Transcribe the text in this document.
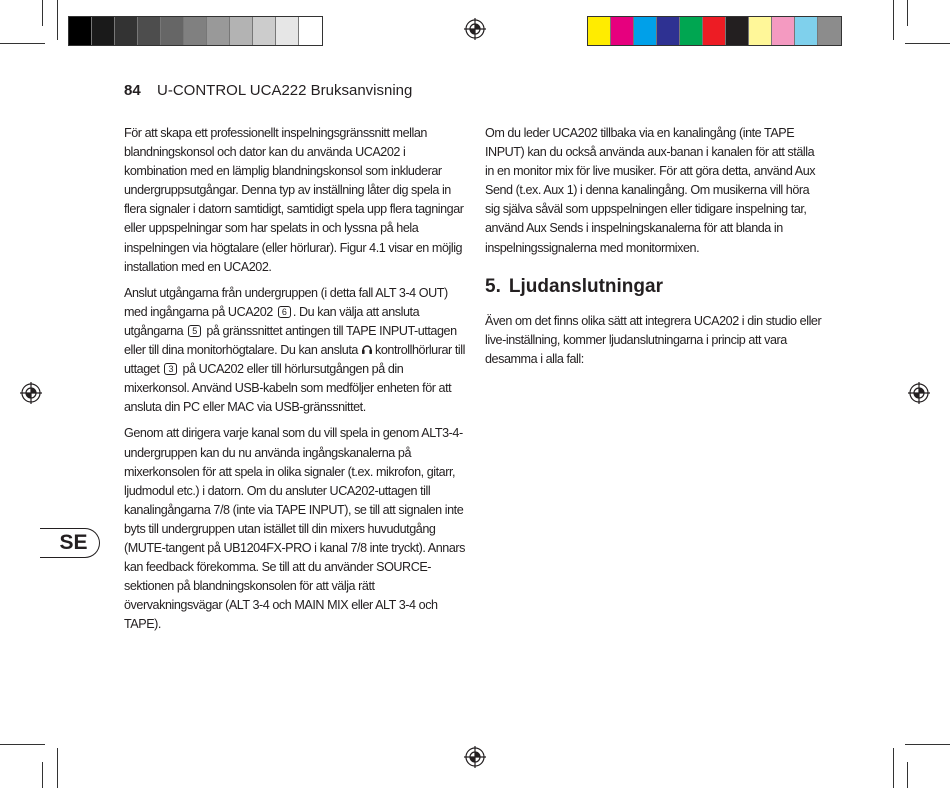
84 U-CONTROL UCA222 Bruksanvisning

För att skapa ett professionellt inspelningsgränssnitt mellan blandningskonsol och dator kan du använda UCA202 i kombination med en lämplig blandningskonsol som inkluderar undergruppsutgångar. Denna typ av inställning låter dig spela in flera signaler i datorn samtidigt, samtidigt spela upp flera tagningar eller uppspelningar som har spelats in och lyssna på hela inspelningen via högtalare (eller hörlurar). Figur 4.1 visar en möjlig installation med en UCA202.

Anslut utgångarna från undergruppen (i detta fall ALT 3-4 OUT) med ingångarna på UCA202 6 . Du kan välja att ansluta utgångarna 5 på gränssnittet antingen till TAPE INPUT-uttagen eller till dina monitorhögtalare. Du kan ansluta kontrollhörlurar till uttaget 3 på UCA202 eller till hörlursutgången på din mixerkonsol. Använd USB-kabeln som medföljer enheten för att ansluta din PC eller MAC via USB-gränssnittet.

Genom att dirigera varje kanal som du vill spela in genom ALT3-4-undergruppen kan du nu använda ingångskanalerna på mixerkonsolen för att spela in olika signaler (t.ex. mikrofon, gitarr, ljudmodul etc.) i datorn. Om du ansluter UCA202-uttagen till kanalingångarna 7/8 (inte via TAPE INPUT), se till att signalen inte byts till undergruppen utan istället till din mixers huvudutgång (MUTE-tangent på UB1204FX-PRO i kanal 7/8 inte tryckt). Annars kan feedback förekomma. Se till att du använder SOURCE-sektionen på blandningskonsolen för att välja rätt övervakningsvägar (ALT 3-4 och MAIN MIX eller ALT 3-4 och TAPE).

Om du leder UCA202 tillbaka via en kanalingång (inte TAPE INPUT) kan du också använda aux-banan i kanalen för att ställa in en monitor mix för live musiker. För att göra detta, använd Aux Send (t.ex. Aux 1) i denna kanalingång. Om musikerna vill höra sig själva såväl som uppspelningen eller tidigare inspelning tar, använd Aux Sends i inspelningskanalerna för att blanda in inspelningssignalerna med monitormixen.

5. Ljudanslutningar

Även om det finns olika sätt att integrera UCA202 i din studio eller live-inställning, kommer ljudanslutningarna i princip att vara desamma i alla fall:

SE
